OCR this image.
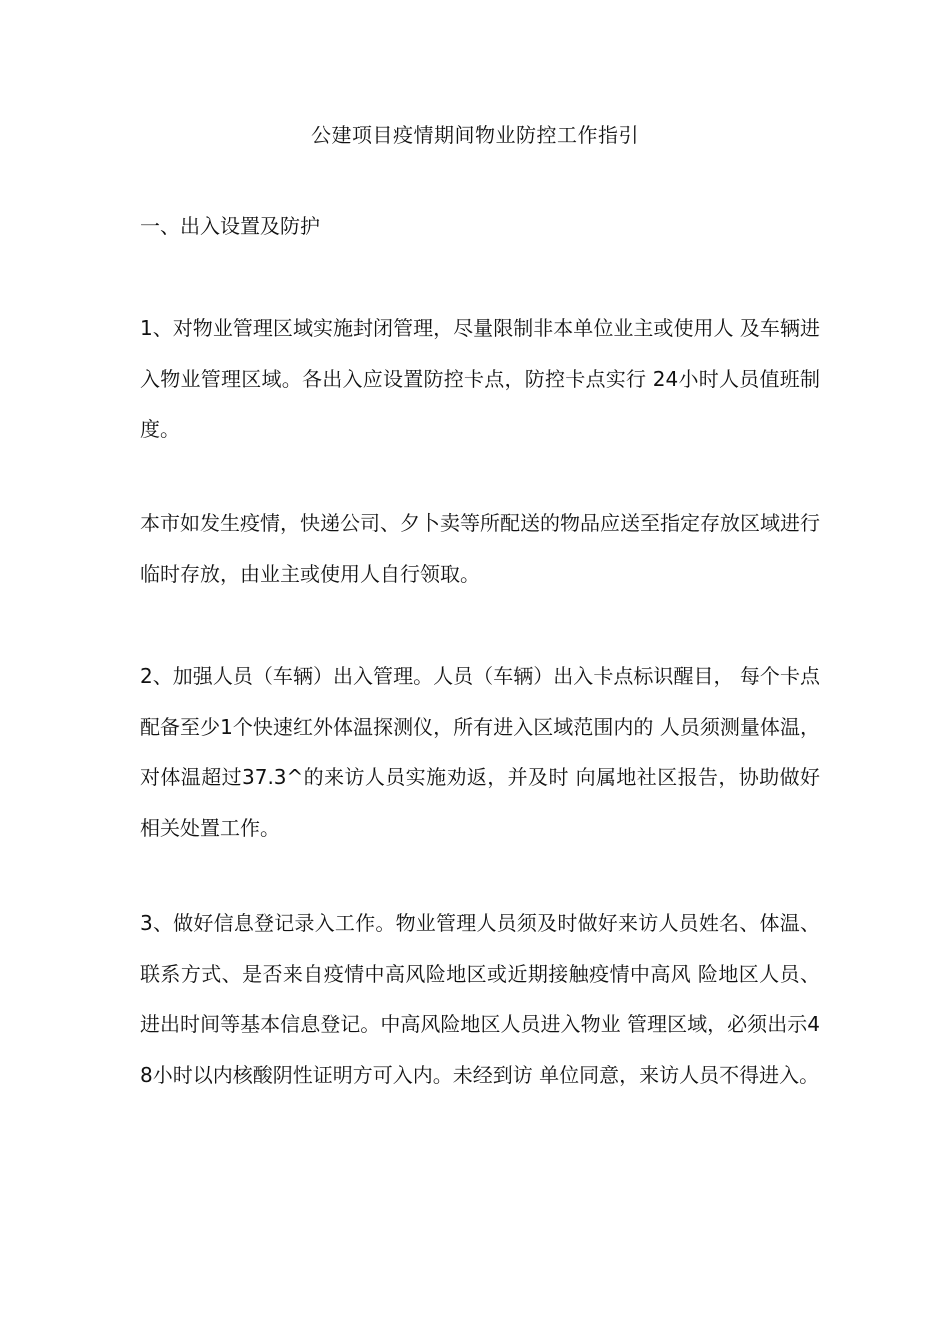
公建项目疫情期间物业防控工作指引
一、出入设置及防护

1、对物业管理区域实施封闭管理，尽量限制非本单位业主或使用人 及车辆进入物业管理区域。各出入应设置防控卡点，防控卡点实行 24小时人员值班制度。

本市如发生疫情，快递公司、夕卜卖等所配送的物品应送至指定存放区域进行临时存放，由业主或使用人自行领取。

2、加强人员（车辆）出入管理。人员（车辆）出入卡点标识醒目， 每个卡点配备至少1个快速红外体温探测仪，所有进入区域范围内的 人员须测量体温，对体温超过37.3^的来访人员实施劝返，并及时 向属地社区报告，协助做好相关处置工作。

3、做好信息登记录入工作。物业管理人员须及时做好来访人员姓名、体温、联系方式、是否来自疫情中高风险地区或近期接触疫情中高风 险地区人员、进出时间等基本信息登记。中高风险地区人员进入物业 管理区域，必须出示48小时以内核酸阴性证明方可入内。未经到访 单位同意，来访人员不得进入。
